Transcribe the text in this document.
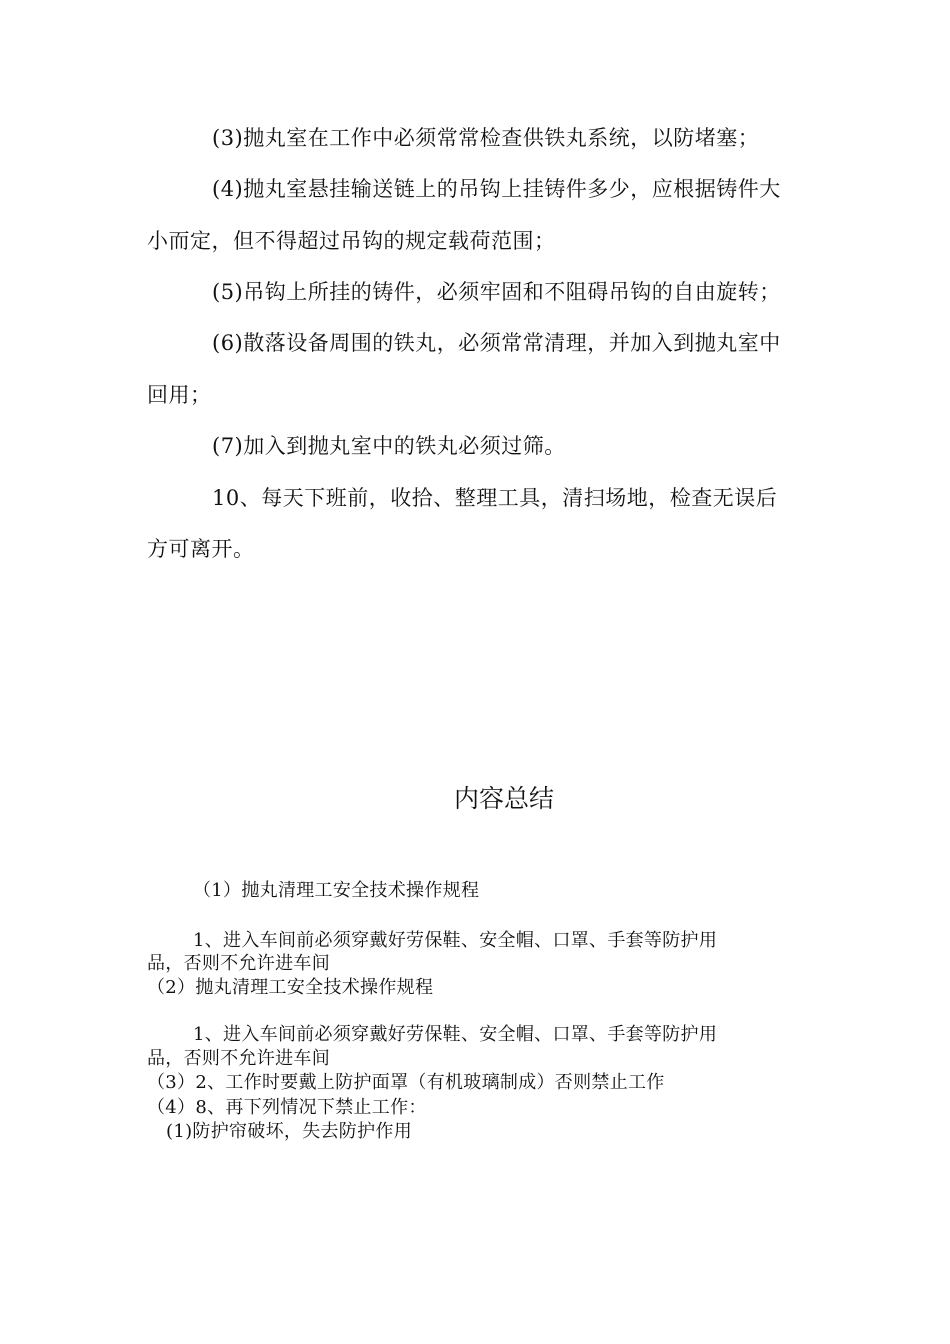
(3)抛丸室在工作中必须常常检查供铁丸系统，以防堵塞；
(4)抛丸室悬挂输送链上的吊钩上挂铸件多少，应根据铸件大
小而定，但不得超过吊钩的规定载荷范围；
(5)吊钩上所挂的铸件，必须牢固和不阻碍吊钩的自由旋转；
(6)散落设备周围的铁丸，必须常常清理，并加入到抛丸室中
回用；
(7)加入到抛丸室中的铁丸必须过筛。
10、每天下班前，收拾、整理工具，清扫场地，检查无误后
方可离开。
内容总结
（1）抛丸清理工安全技术操作规程
1、进入车间前必须穿戴好劳保鞋、安全帽、口罩、手套等防护用
品，否则不允许进车间
（2）抛丸清理工安全技术操作规程
1、进入车间前必须穿戴好劳保鞋、安全帽、口罩、手套等防护用
品，否则不允许进车间
（3）2、工作时要戴上防护面罩（有机玻璃制成）否则禁止工作
（4）8、再下列情况下禁止工作：
(1)防护帘破坏，失去防护作用
